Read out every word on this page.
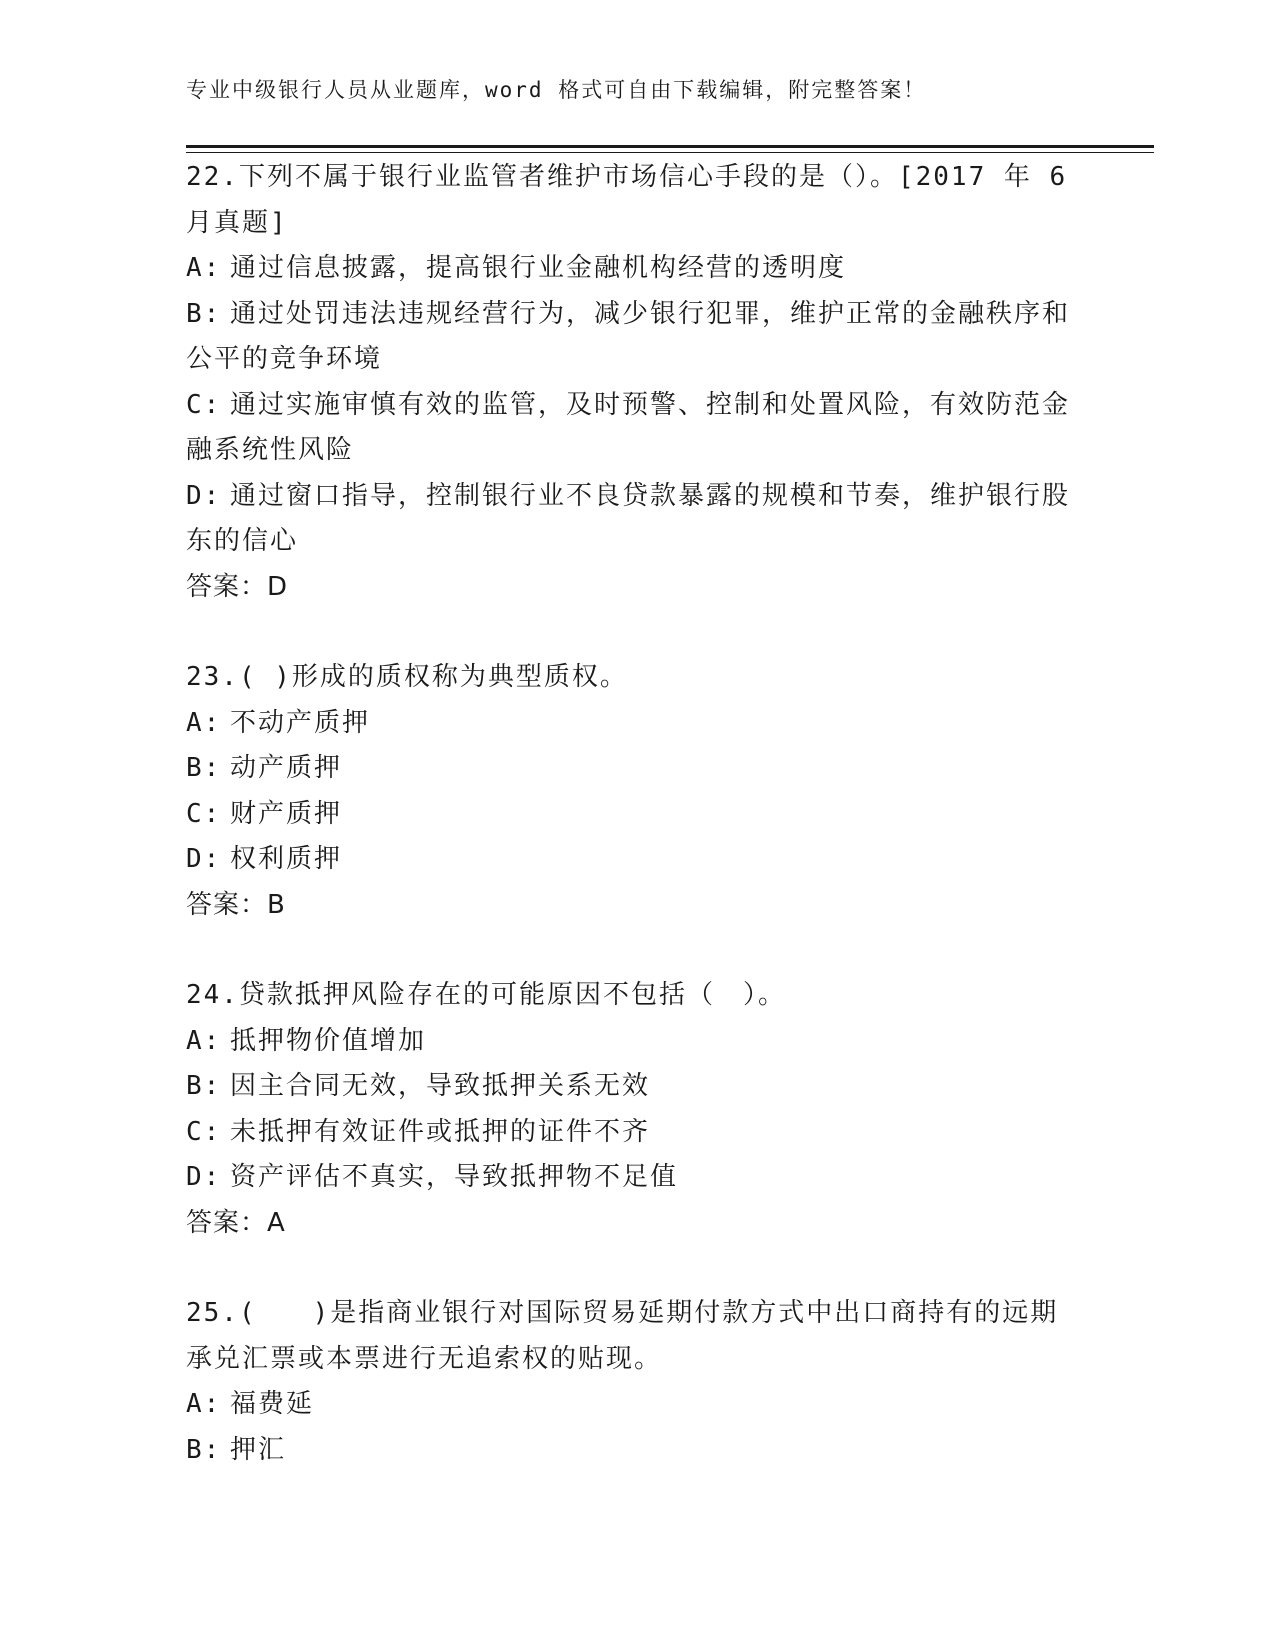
专业中级银行人员从业题库，word 格式可自由下载编辑，附完整答案！
22.下列不属于银行业监管者维护市场信心手段的是（）。[2017 年 6 月真题]
A: 通过信息披露，提高银行业金融机构经营的透明度
B: 通过处罚违法违规经营行为，减少银行犯罪，维护正常的金融秩序和公平的竞争环境
C: 通过实施审慎有效的监管，及时预警、控制和处置风险，有效防范金融系统性风险
D: 通过窗口指导，控制银行业不良贷款暴露的规模和节奏，维护银行股东的信心
答案：D
23.( )形成的质权称为典型质权。
A: 不动产质押
B: 动产质押
C: 财产质押
D: 权利质押
答案：B
24.贷款抵押风险存在的可能原因不包括（　）。
A: 抵押物价值增加
B: 因主合同无效，导致抵押关系无效
C: 未抵押有效证件或抵押的证件不齐
D: 资产评估不真实，导致抵押物不足值
答案：A
25.(　　)是指商业银行对国际贸易延期付款方式中出口商持有的远期承兑汇票或本票进行无追索权的贴现。
A: 福费延
B: 押汇
